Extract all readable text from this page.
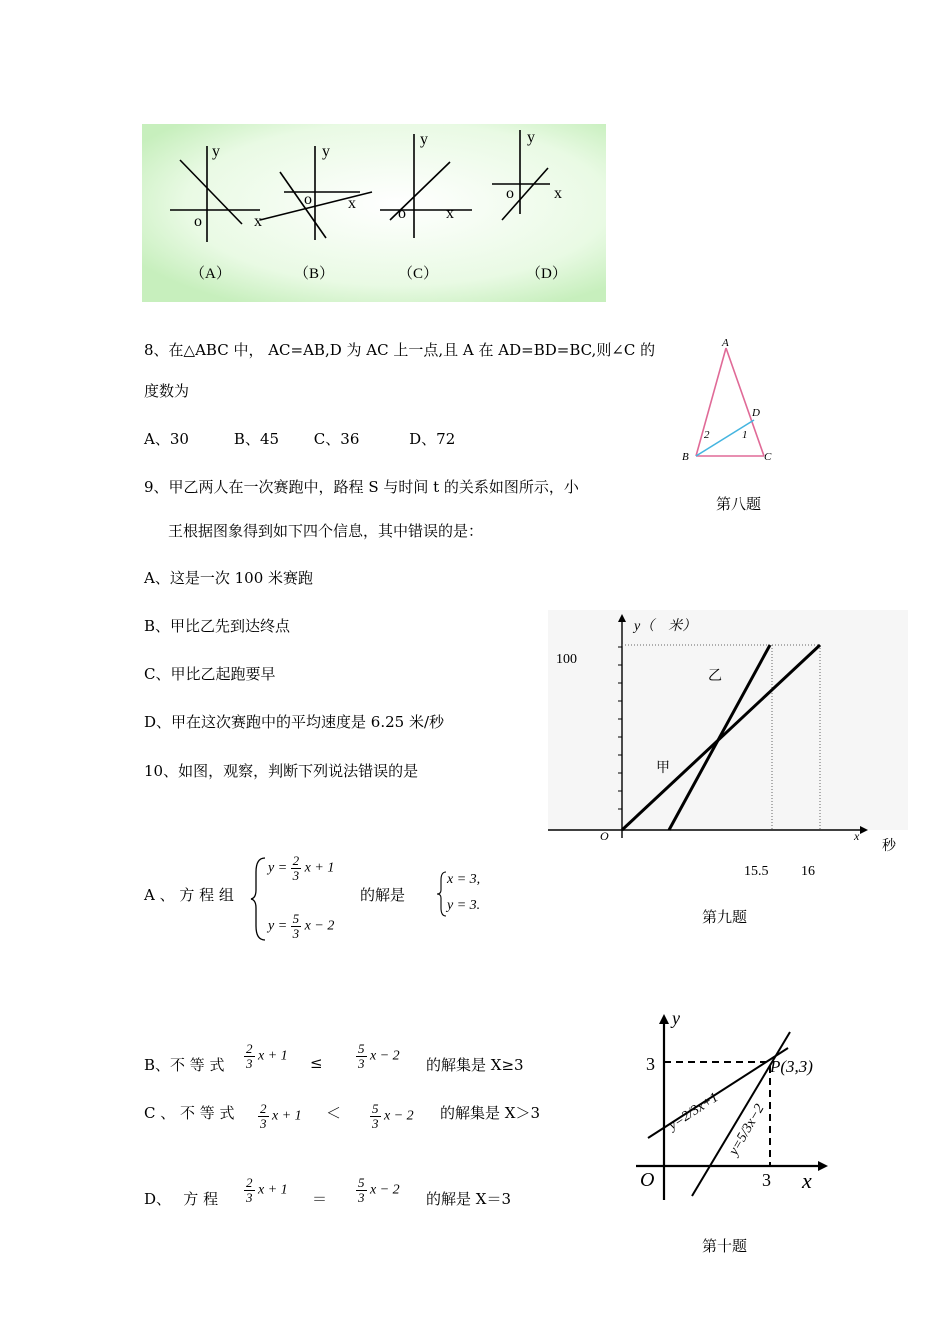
y
x
o
y
x
o
y
x
o
y
x
o
（A）	（B）	（C）	（D）
8、在△ABC 中， AC=AB,D 为 AC 上一点,且 A 在 AD=BD=BC,则∠C 的
度数为
A、30　　　B、45　　 C、36　　　 D、72
A
B	C
D
1
2
第八题
9、甲乙两人在一次赛跑中，路程 S 与时间 t 的关系如图所示，小
王根据图象得到如下四个信息，其中错误的是：
A、这是一次 100 米赛跑
B、甲比乙先到达终点
C、甲比乙起跑要早
D、甲在这次赛跑中的平均速度是 6.25 米/秒
y（　米）
100
乙
甲
O	x
秒
15.5 16
第九题
10、如图，观察，判断下列说法错误的是
A 、 方 程 组
$y = \frac{2}{3}$ x + 1
$y = \frac{5}{3}$ x − 2
的解是
x = 3,
y = 3.
B、不 等 式 $\frac{2}{3}$ x + 1 ≤	$\frac{5}{3}$ x − 2
的解集是 X≥3
C 、 不 等 式 $\frac{2}{3}$ $x + 1 < \frac{5}{3}$ x − 2 的解集是 X＞3
D、　 方 程 $\frac{2}{3}$ x + 1
＝ $\frac{5}{3}$ x − 2
的解是 X＝3
y
x
O
3
3
P(3,3)
y=2/3x+1 y=5/3x−2
第十题
